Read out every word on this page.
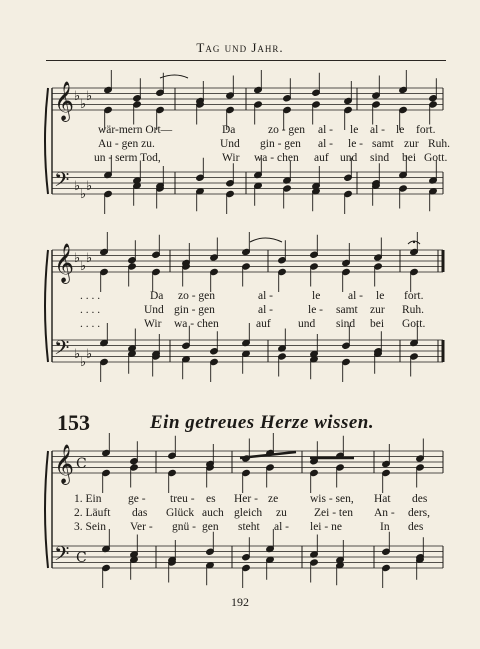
Tag und Jahr.
𝄞
𝄢
♭
♭
♭
♭
♭
♭
𝄞
𝄢
♭
♭
♭
♭
♭
♭
𝄞
𝄢
C
C
wär-mern Ort—	Da	zo - gen al - le al - le fort.
Au - gen zu.	Und gin - gen al - le - samt zur Ruh.
un - serm Tod,	Wir wa - chen auf und sind bei Gott.
. . . .	Da zo - gen	al -	le al - le fort.
. . . .	Und gin - gen	al -	le - samt zur Ruh.
. . . .	Wir wa - chen	auf und sind bei Gott.
153	Ein getreues Herze wissen.
1. Ein ge - treu - es Her - ze	wis - sen, Hat des
2. Läuft das Glück auch gleich zu Zei - ten An - ders,
3. Sein Ver - gnü - gen steht al - lei - ne	In des
192
